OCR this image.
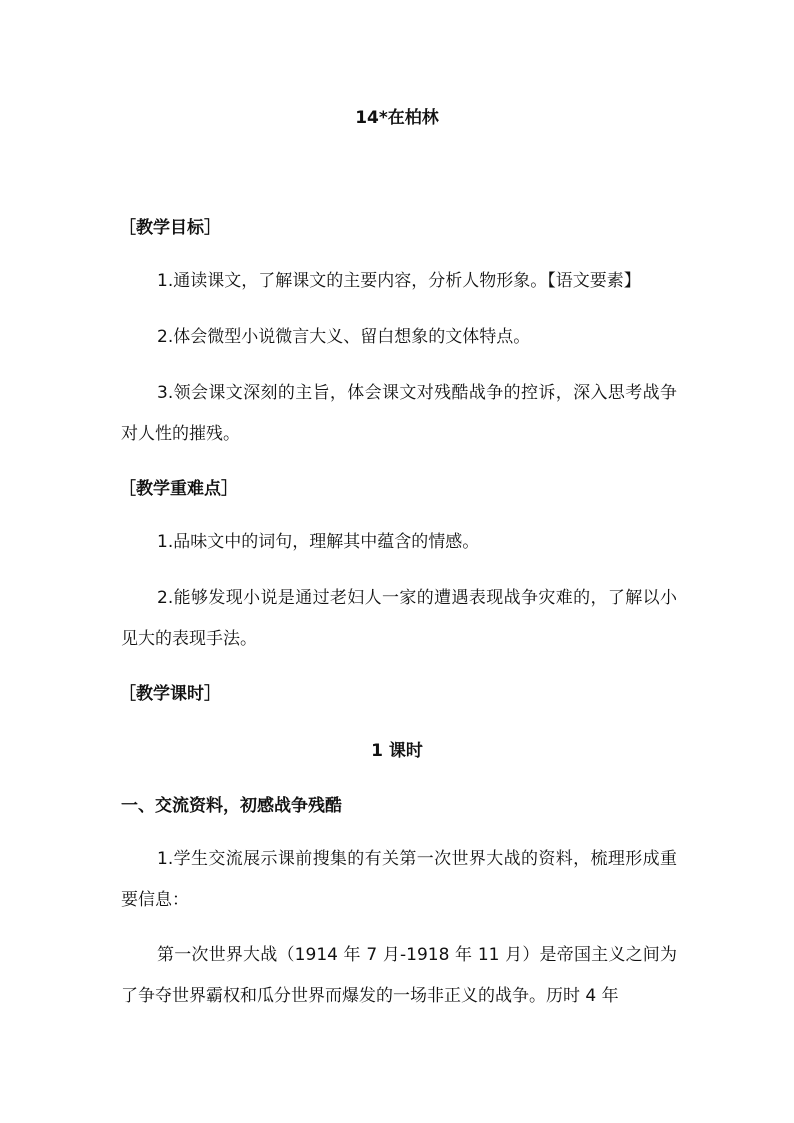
14*在柏林
［教学目标］
1.通读课文，了解课文的主要内容，分析人物形象。【语文要素】
2.体会微型小说微言大义、留白想象的文体特点。
3.领会课文深刻的主旨，体会课文对残酷战争的控诉，深入思考战争对人性的摧残。
［教学重难点］
1.品味文中的词句，理解其中蕴含的情感。
2.能够发现小说是通过老妇人一家的遭遇表现战争灾难的，了解以小见大的表现手法。
［教学课时］
1 课时
一、交流资料，初感战争残酷
1.学生交流展示课前搜集的有关第一次世界大战的资料，梳理形成重要信息：
第一次世界大战（1914 年 7 月-1918 年 11 月）是帝国主义之间为了争夺世界霸权和瓜分世界而爆发的一场非正义的战争。历时 4 年
